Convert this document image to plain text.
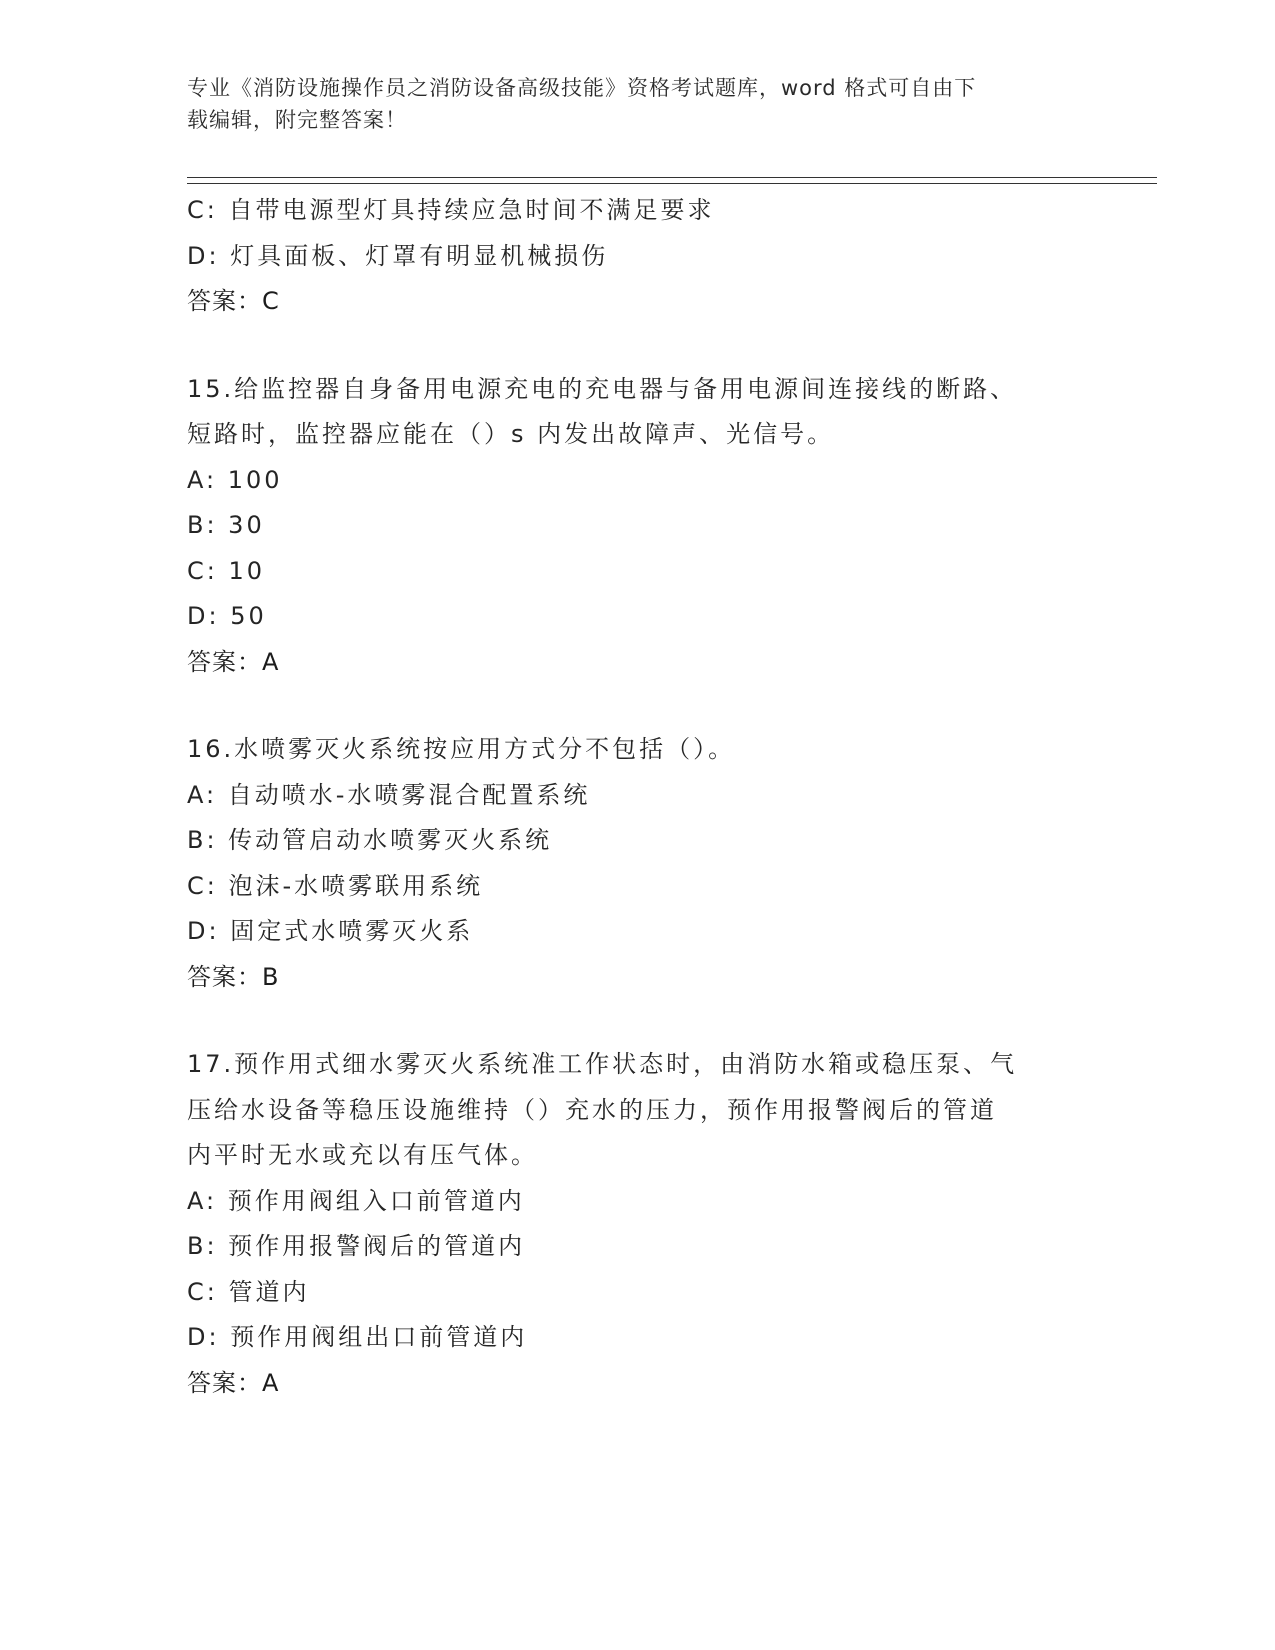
专业《消防设施操作员之消防设备高级技能》资格考试题库，word 格式可自由下
载编辑，附完整答案！
C: 自带电源型灯具持续应急时间不满足要求
D: 灯具面板、灯罩有明显机械损伤
答案：C
15.给监控器自身备用电源充电的充电器与备用电源间连接线的断路、
短路时，监控器应能在（）s 内发出故障声、光信号。
A: 100
B: 30
C: 10
D: 50
答案：A
16.水喷雾灭火系统按应用方式分不包括（）。
A: 自动喷水-水喷雾混合配置系统
B: 传动管启动水喷雾灭火系统
C: 泡沫-水喷雾联用系统
D: 固定式水喷雾灭火系
答案：B
17.预作用式细水雾灭火系统准工作状态时，由消防水箱或稳压泵、气
压给水设备等稳压设施维持（）充水的压力，预作用报警阀后的管道
内平时无水或充以有压气体。
A: 预作用阀组入口前管道内
B: 预作用报警阀后的管道内
C: 管道内
D: 预作用阀组出口前管道内
答案：A
